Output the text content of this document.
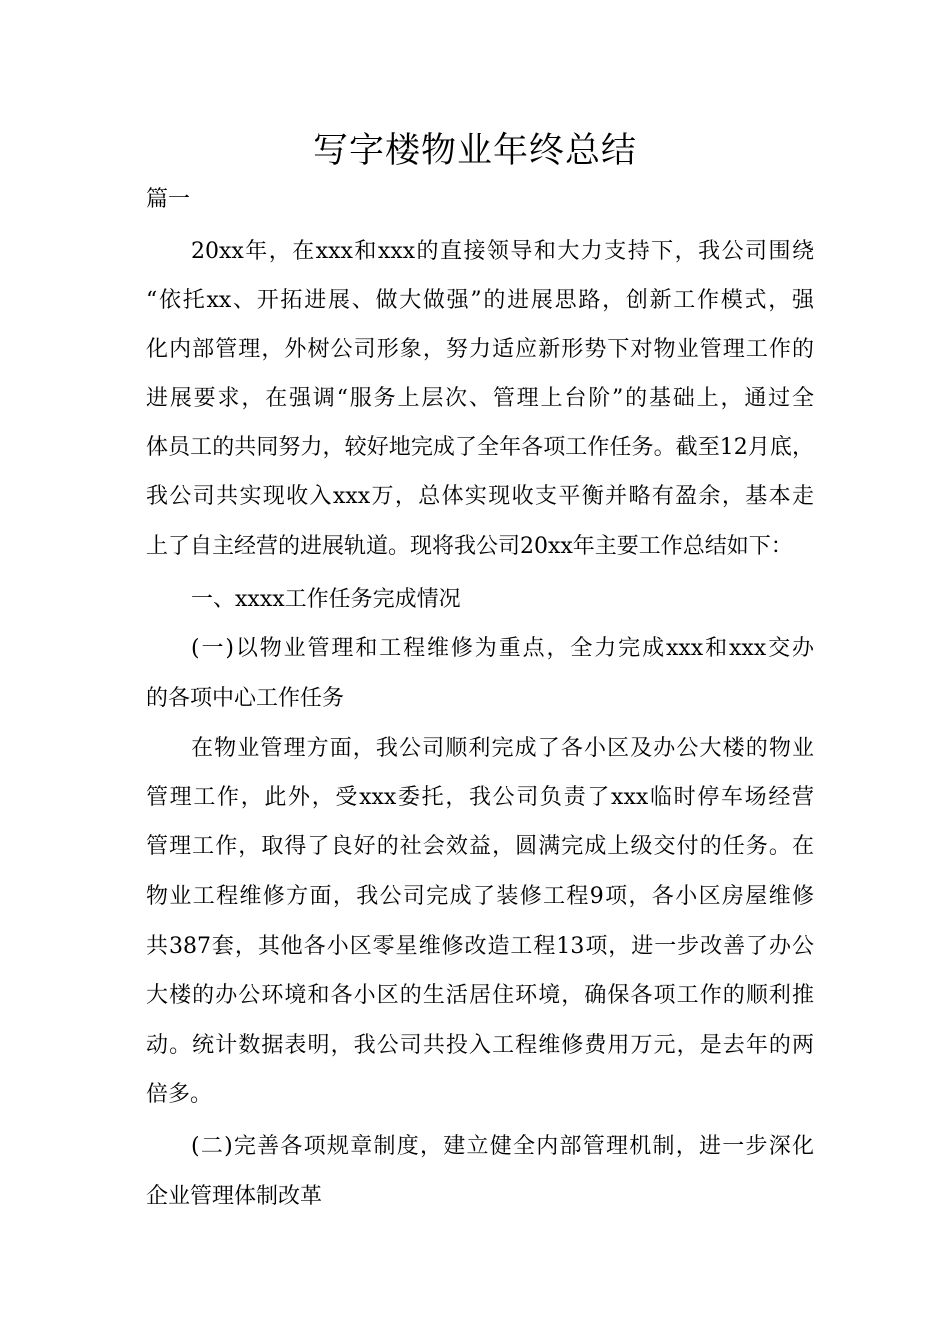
写字楼物业年终总结
篇一
20xx年，在xxx和xxx的直接领导和大力支持下，我公司围绕
“依托xx、开拓进展、做大做强”的进展思路，创新工作模式，强
化内部管理，外树公司形象，努力适应新形势下对物业管理工作的
进展要求，在强调“服务上层次、管理上台阶”的基础上，通过全
体员工的共同努力，较好地完成了全年各项工作任务。截至12月底，
我公司共实现收入xxx万，总体实现收支平衡并略有盈余，基本走
上了自主经营的进展轨道。现将我公司20xx年主要工作总结如下：
一、xxxx工作任务完成情况
(一)以物业管理和工程维修为重点，全力完成xxx和xxx交办
的各项中心工作任务
在物业管理方面，我公司顺利完成了各小区及办公大楼的物业
管理工作，此外，受xxx委托，我公司负责了xxx临时停车场经营
管理工作，取得了良好的社会效益，圆满完成上级交付的任务。在
物业工程维修方面，我公司完成了装修工程9项，各小区房屋维修
共387套，其他各小区零星维修改造工程13项，进一步改善了办公
大楼的办公环境和各小区的生活居住环境，确保各项工作的顺利推
动。统计数据表明，我公司共投入工程维修费用万元，是去年的两
倍多。
(二)完善各项规章制度，建立健全内部管理机制，进一步深化
企业管理体制改革
